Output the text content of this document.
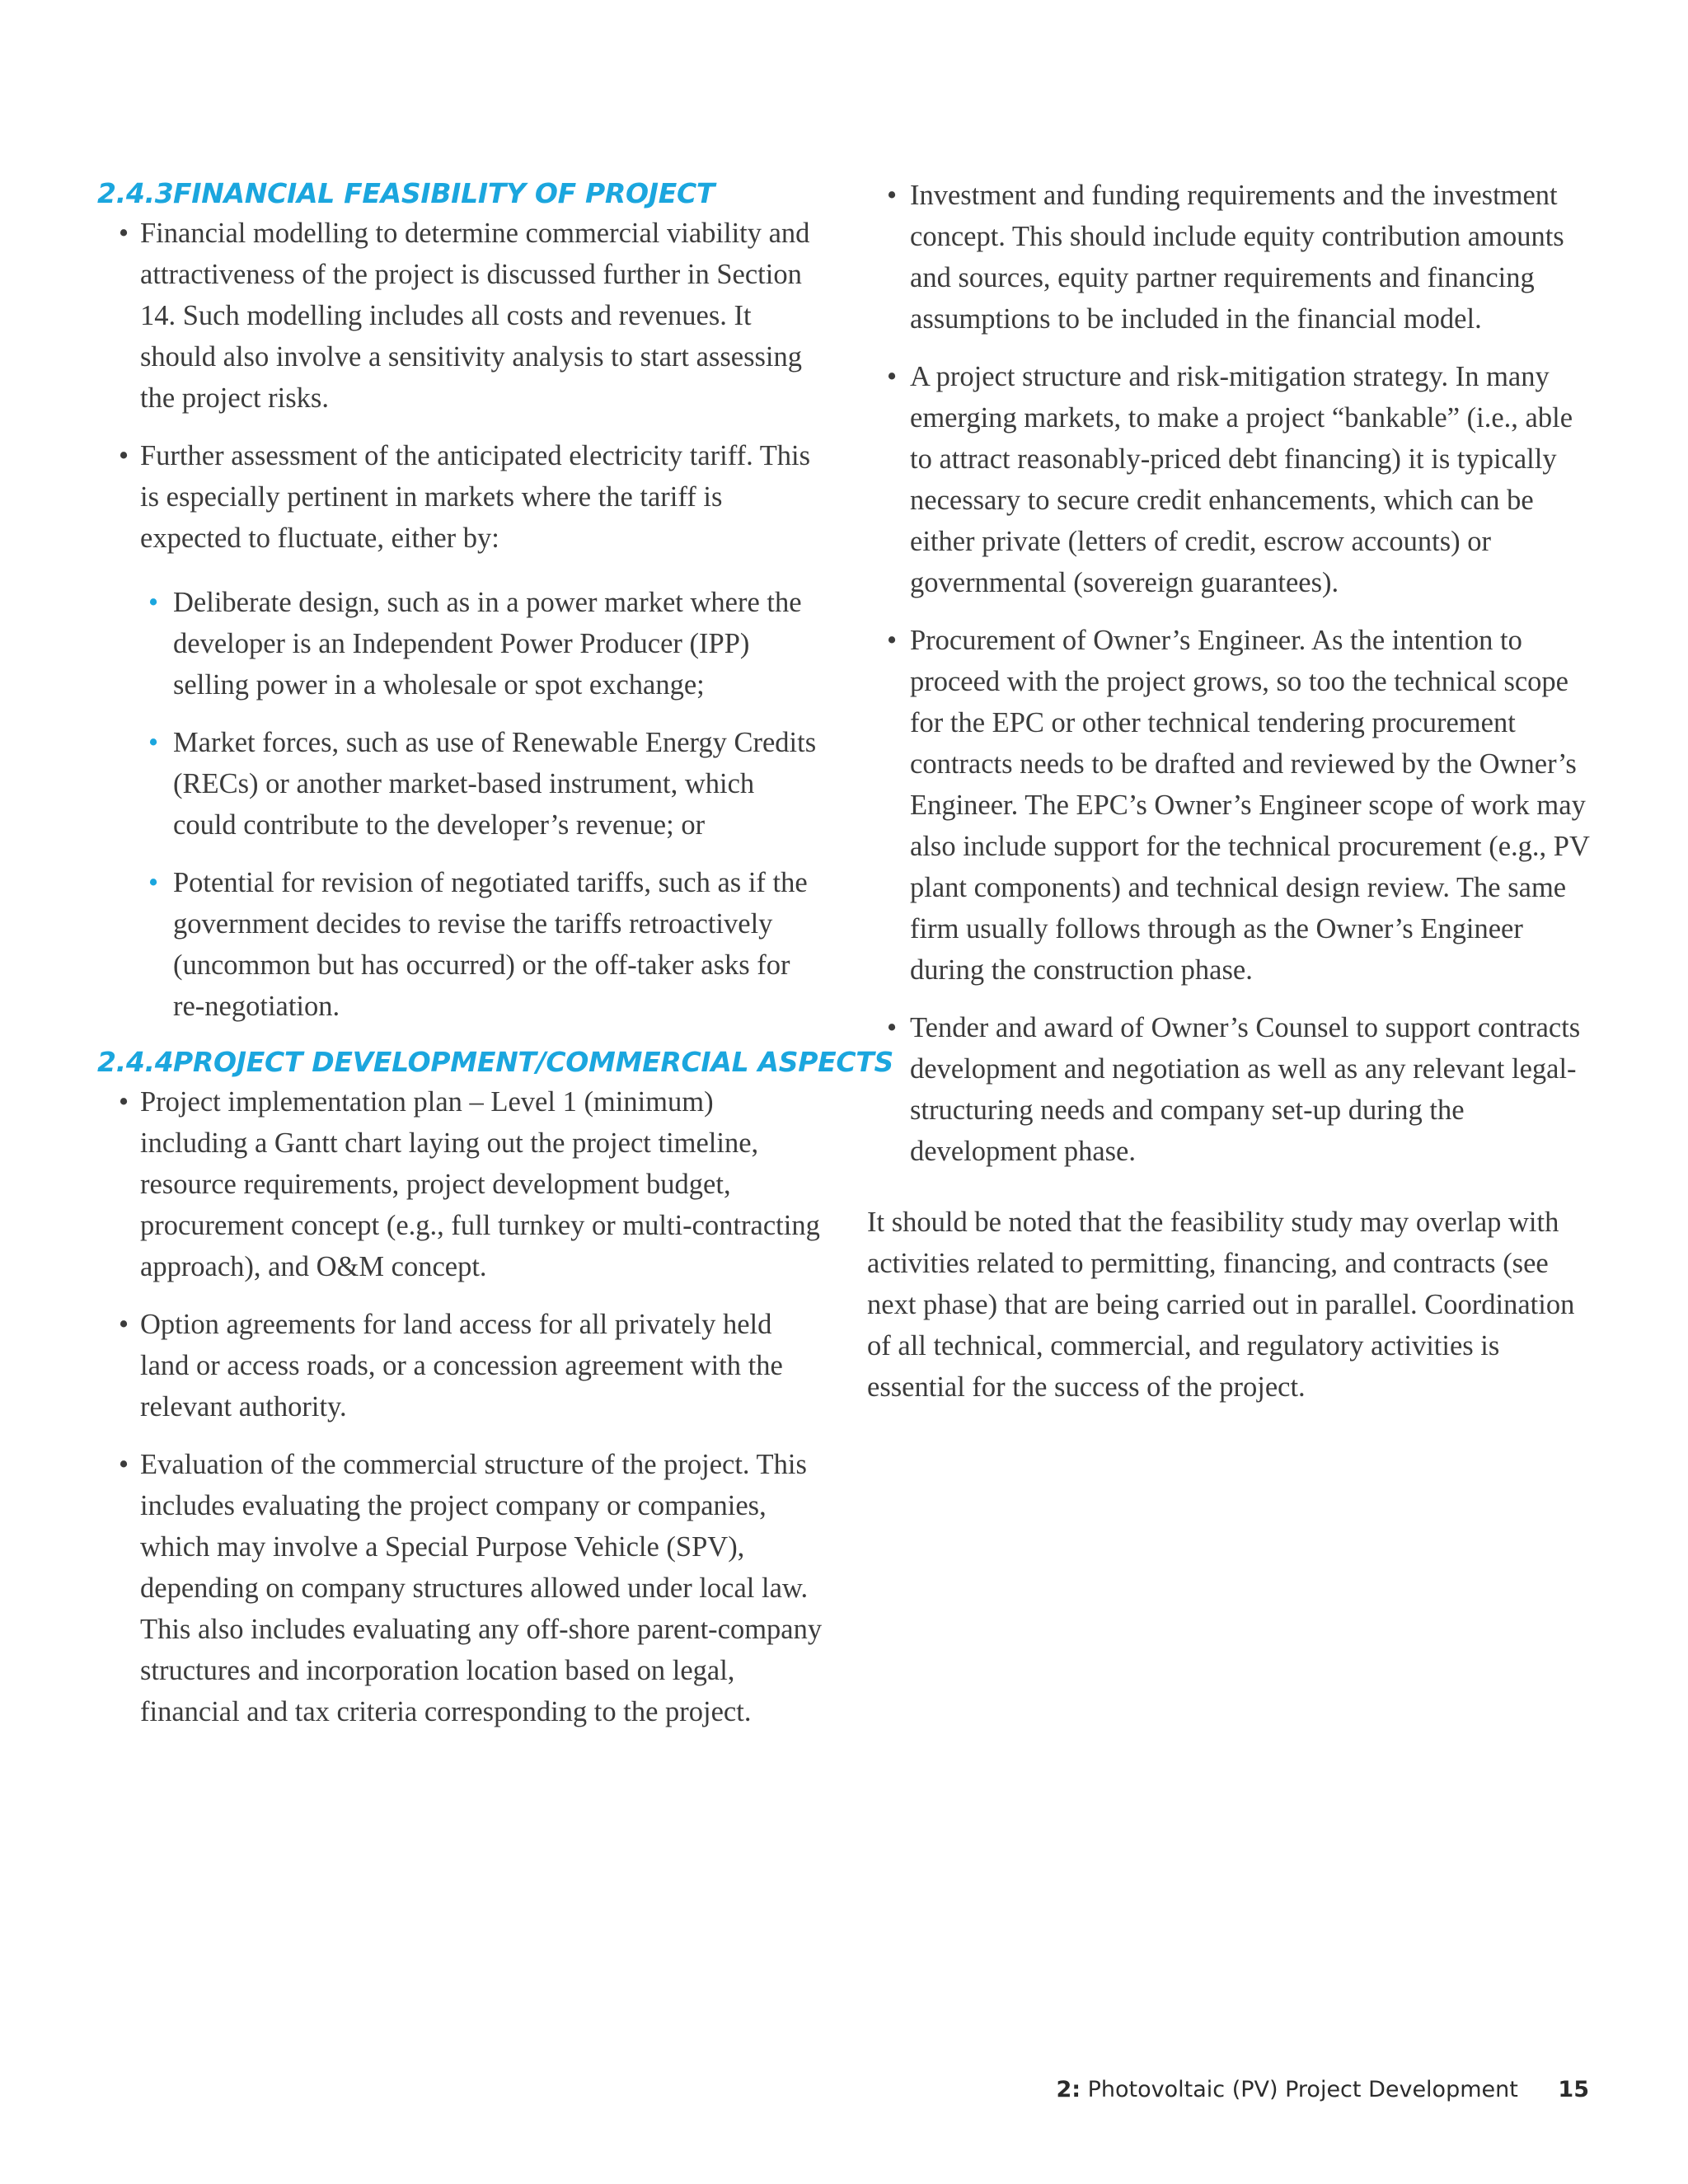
2.4.3FINANCIAL FEASIBILITY OF PROJECT
• Financial modelling to determine commercial viability and attractiveness of the project is discussed further in Section 14. Such modelling includes all costs and revenues. It should also involve a sensitivity analysis to start assessing the project risks.
• Further assessment of the anticipated electricity tariff. This is especially pertinent in markets where the tariff is expected to fluctuate, either by:
• Deliberate design, such as in a power market where the developer is an Independent Power Producer (IPP) selling power in a wholesale or spot exchange;
• Market forces, such as use of Renewable Energy Credits (RECs) or another market-based instrument, which could contribute to the developer’s revenue; or
• Potential for revision of negotiated tariffs, such as if the government decides to revise the tariffs retroactively (uncommon but has occurred) or the off-taker asks for re-negotiation.
2.4.4PROJECT DEVELOPMENT/COMMERCIAL ASPECTS
• Project implementation plan – Level 1 (minimum) including a Gantt chart laying out the project timeline, resource requirements, project development budget, procurement concept (e.g., full turnkey or multi-contracting approach), and O&M concept.
• Option agreements for land access for all privately held land or access roads, or a concession agreement with the relevant authority.
• Evaluation of the commercial structure of the project. This includes evaluating the project company or companies, which may involve a Special Purpose Vehicle (SPV), depending on company structures allowed under local law. This also includes evaluating any off-shore parent-company structures and incorporation location based on legal, financial and tax criteria corresponding to the project.
• Investment and funding requirements and the investment concept. This should include equity contribution amounts and sources, equity partner requirements and financing assumptions to be included in the financial model.
• A project structure and risk-mitigation strategy. In many emerging markets, to make a project “bankable” (i.e., able to attract reasonably-priced debt financing) it is typically necessary to secure credit enhancements, which can be either private (letters of credit, escrow accounts) or governmental (sovereign guarantees).
• Procurement of Owner’s Engineer. As the intention to proceed with the project grows, so too the technical scope for the EPC or other technical tendering procurement contracts needs to be drafted and reviewed by the Owner’s Engineer. The EPC’s Owner’s Engineer scope of work may also include support for the technical procurement (e.g., PV plant components) and technical design review. The same firm usually follows through as the Owner’s Engineer during the construction phase.
• Tender and award of Owner’s Counsel to support contracts development and negotiation as well as any relevant legal-structuring needs and company set-up during the development phase.

It should be noted that the feasibility study may overlap with activities related to permitting, financing, and contracts (see next phase) that are being carried out in parallel. Coordination of all technical, commercial, and regulatory activities is essential for the success of the project.

2: Photovoltaic (PV) Project Development 15
